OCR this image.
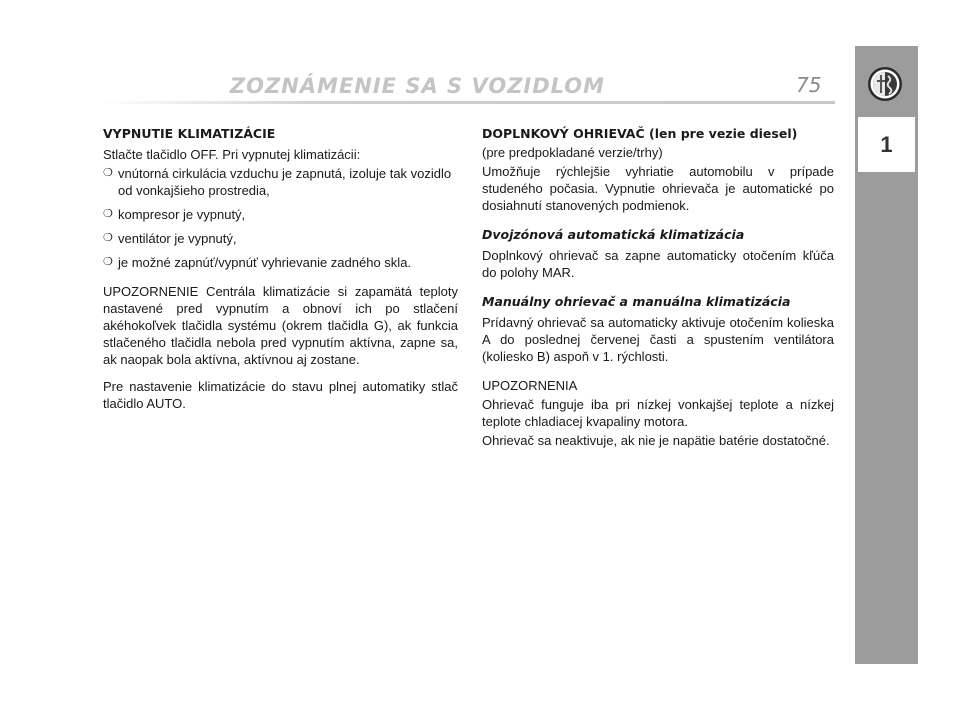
ZOZNÁMENIE SA S VOZIDLOM	75
1
VYPNUTIE KLIMATIZÁCIE

Stlačte tlačidlo OFF. Pri vypnutej klimatizácii:

❍ vnútorná cirkulácia vzduchu je zapnutá, izoluje tak vozidlo od vonkajšieho prostredia,
❍ kompresor je vypnutý,
❍ ventilátor je vypnutý,
❍ je možné zapnúť/vypnúť vyhrievanie zadného skla.

UPOZORNENIE Centrála klimatizácie si zapamätá teploty nastavené pred vypnutím a obnoví ich po stlačení akéhokoľvek tlačidla systému (okrem tlačidla G), ak funkcia stlačeného tlačidla nebola pred vypnutím aktívna, zapne sa, ak naopak bola aktívna, aktívnou aj zostane.

Pre nastavenie klimatizácie do stavu plnej automatiky stlač tlačidlo AUTO.

DOPLNKOVÝ OHRIEVAČ (len pre vezie diesel)

(pre predpokladané verzie/trhy)

Umožňuje rýchlejšie vyhriatie automobilu v prípade studeného počasia. Vypnutie ohrievača je automatické po dosiahnutí stanovených podmienok.

Dvojzónová automatická klimatizácia

Doplnkový ohrievač sa zapne automaticky otočením kľúča do polohy MAR.

Manuálny ohrievač a manuálna klimatizácia

Prídavný ohrievač sa automaticky aktivuje otočením kolieska A do poslednej červenej časti a spustením ventilátora (koliesko B) aspoň v 1. rýchlosti.

UPOZORNENIA

Ohrievač funguje iba pri nízkej vonkajšej teplote a nízkej teplote chladiacej kvapaliny motora.

Ohrievač sa neaktivuje, ak nie je napätie batérie dostatočné.
